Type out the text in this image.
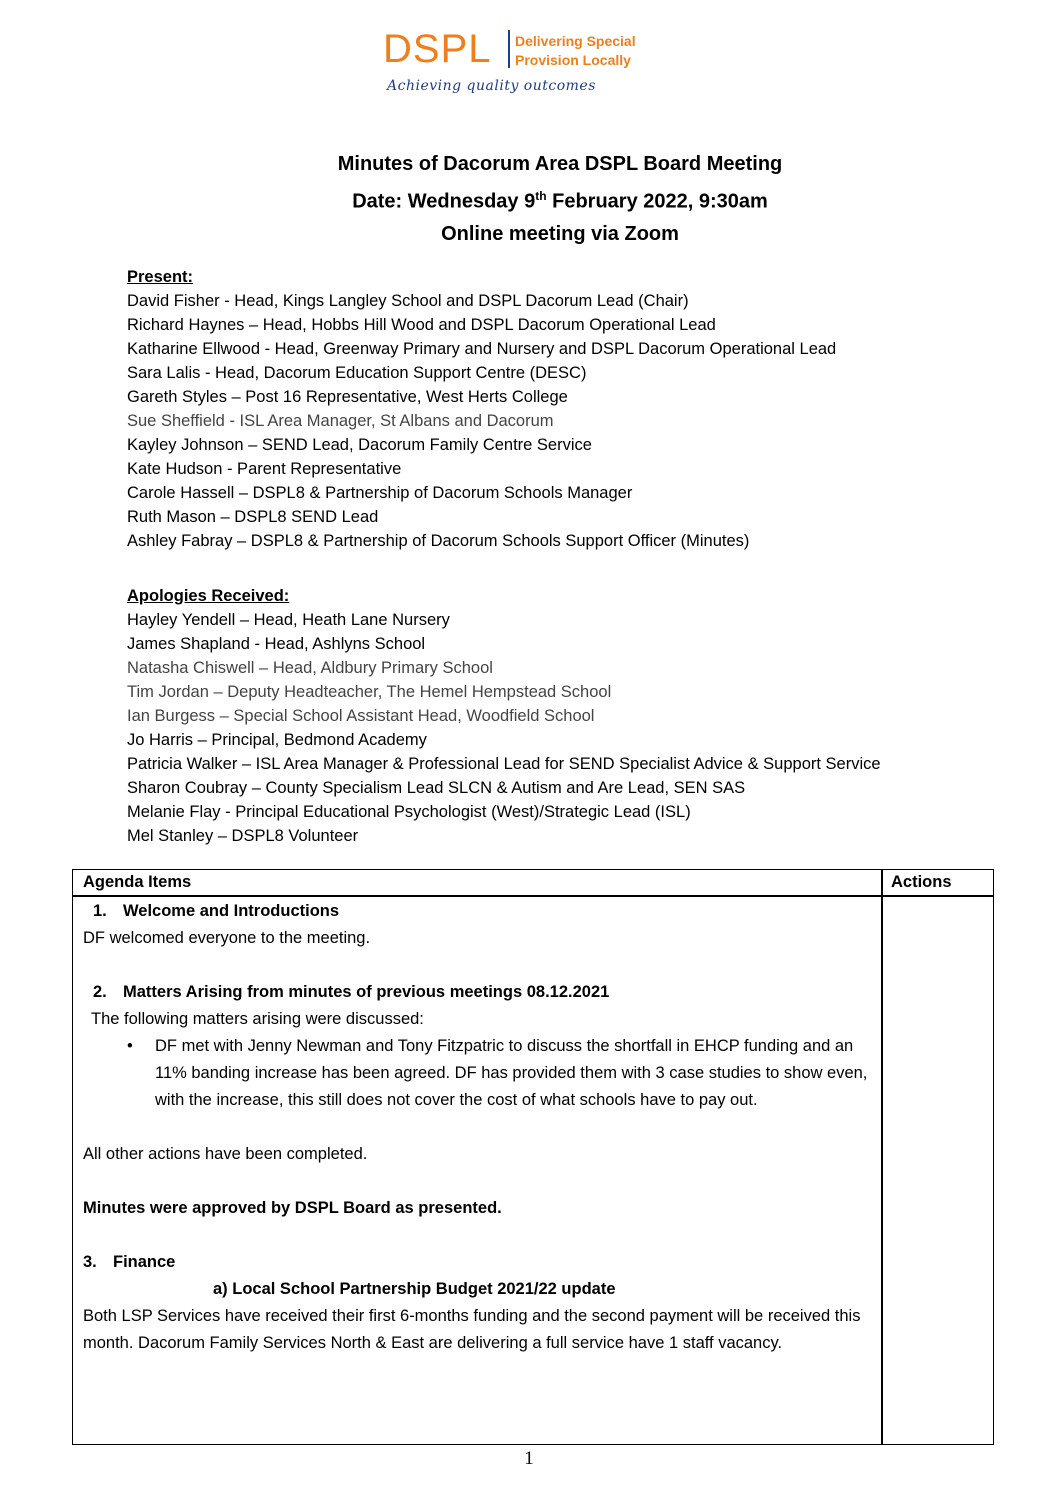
DSPL Delivering Special
Provision Locally
Achieving quality outcomes
Minutes of Dacorum Area DSPL Board Meeting
Date: Wednesday 9th February 2022, 9:30am
Online meeting via Zoom
Present:
David Fisher - Head, Kings Langley School and DSPL Dacorum Lead (Chair)
Richard Haynes – Head, Hobbs Hill Wood and DSPL Dacorum Operational Lead
Katharine Ellwood - Head, Greenway Primary and Nursery and DSPL Dacorum Operational Lead
Sara Lalis - Head, Dacorum Education Support Centre (DESC)
Gareth Styles – Post 16 Representative, West Herts College
Sue Sheffield - ISL Area Manager, St Albans and Dacorum
Kayley Johnson – SEND Lead, Dacorum Family Centre Service
Kate Hudson - Parent Representative
Carole Hassell – DSPL8 & Partnership of Dacorum Schools Manager
Ruth Mason – DSPL8 SEND Lead
Ashley Fabray – DSPL8 & Partnership of Dacorum Schools Support Officer (Minutes)
Apologies Received:
Hayley Yendell – Head, Heath Lane Nursery
James Shapland - Head, Ashlyns School
Natasha Chiswell – Head, Aldbury Primary School
Tim Jordan – Deputy Headteacher, The Hemel Hempstead School
Ian Burgess – Special School Assistant Head, Woodfield School
Jo Harris – Principal, Bedmond Academy
Patricia Walker – ISL Area Manager & Professional Lead for SEND Specialist Advice & Support Service
Sharon Coubray – County Specialism Lead SLCN & Autism and Are Lead, SEN SAS
Melanie Flay - Principal Educational Psychologist (West)/Strategic Lead (ISL)
Mel Stanley – DSPL8 Volunteer
Agenda Items	Actions

1. Welcome and Introductions

DF welcomed everyone to the meeting.

2. Matters Arising from minutes of previous meetings 08.12.2021

The following matters arising were discussed:

• DF met with Jenny Newman and Tony Fitzpatric to discuss the shortfall in EHCP funding and an 11% banding increase has been agreed. DF has provided them with 3 case studies to show even, with the increase, this still does not cover the cost of what schools have to pay out.

All other actions have been completed.

Minutes were approved by DSPL Board as presented.

3. Finance

a) Local School Partnership Budget 2021/22 update

Both LSP Services have received their first 6-months funding and the second payment will be received this month. Dacorum Family Services North & East are delivering a full service have 1 staff vacancy.

1
